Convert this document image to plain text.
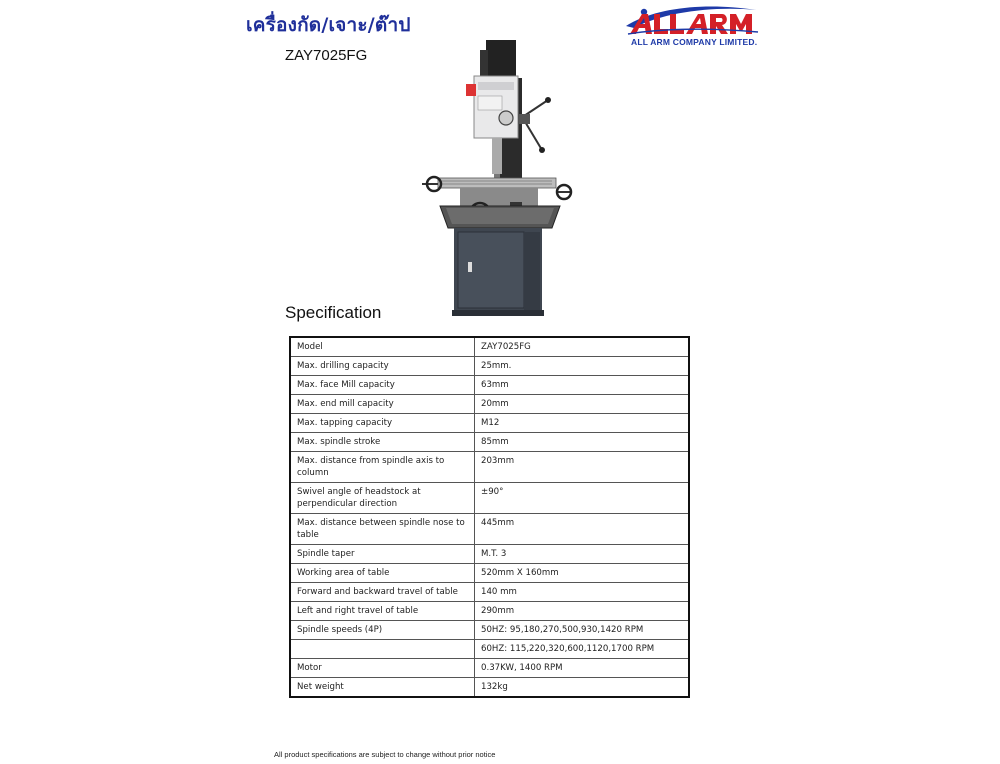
เครื่องกัด/เจาะ/ต๊าป
ZAY7025FG
ALL ARM COMPANY LIMITED.
Specification
Model	ZAY7025FG
Max. drilling capacity	25mm.
Max. face Mill capacity	63mm
Max. end mill capacity	20mm
Max. tapping capacity	M12
Max. spindle stroke	85mm
Max. distance from spindle axis to column	203mm
Swivel angle of headstock at perpendicular direction	±90°
Max. distance between spindle nose to table	445mm
Spindle taper	M.T. 3
Working area of table	520mm X 160mm
Forward and backward travel of table	140 mm
Left and right travel of table	290mm
Spindle speeds (4P)	50HZ: 95,180,270,500,930,1420 RPM
	60HZ: 115,220,320,600,1120,1700 RPM
Motor	0.37KW, 1400 RPM
Net weight	132kg
All product specifications are subject to change without prior notice
